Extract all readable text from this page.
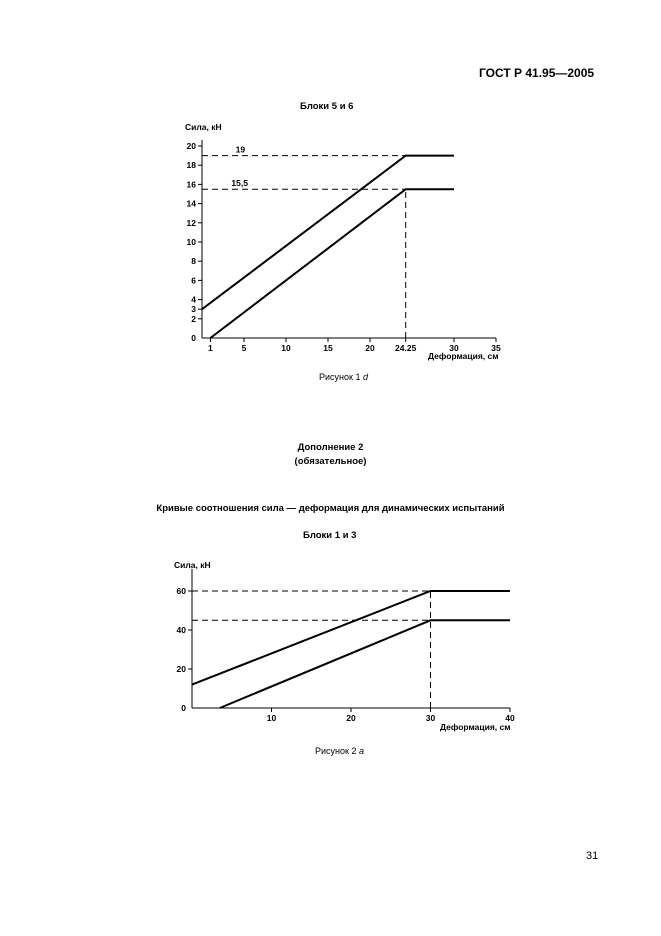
ГОСТ Р 41.95—2005
Блоки 5 и 6
Сила, кН
Деформация, см
2
3
4
6
8
10
12
14
16
18
20
0
1	5	10	15	20 24.25	30	35
19
15,5
Рисунок 1 d
Дополнение 2
(обязательное)
Кривые соотношения сила — деформация для динамических испытаний
Блоки 1 и 3
Сила, кН
Деформация, см
20
40
60
0
10	20	30	40
Рисунок 2 a
31
